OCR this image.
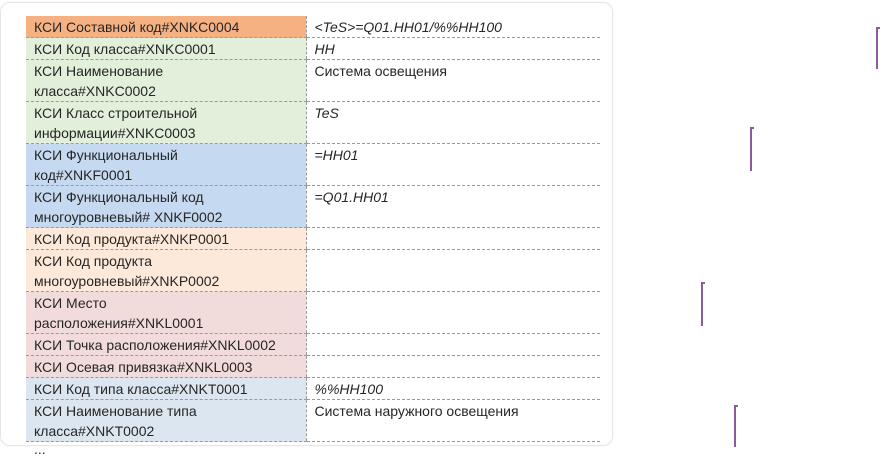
КСИ Составной код#XNKC0004	<TeS>=Q01.HH01/%%HH100
КСИ Код класса#XNKC0001	HH
КСИ Наименование
класса#XNKC0002	Система освещения
КСИ Класс строительной
информации#XNKC0003	TeS
КСИ Функциональный
код#XNKF0001	=HH01
КСИ Функциональный код
многоуровневый# XNKF0002	=Q01.HH01
КСИ Код продукта#XNKP0001	
КСИ Код продукта
многоуровневый#XNKP0002	
КСИ Место
расположения#XNKL0001	
КСИ Точка расположения#XNKL0002	
КСИ Осевая привязка#XNKL0003	
КСИ Код типа класса#XNKT0001	%%HH100
КСИ Наименование типа
класса#XNKT0002	Система наружного освещения
...
